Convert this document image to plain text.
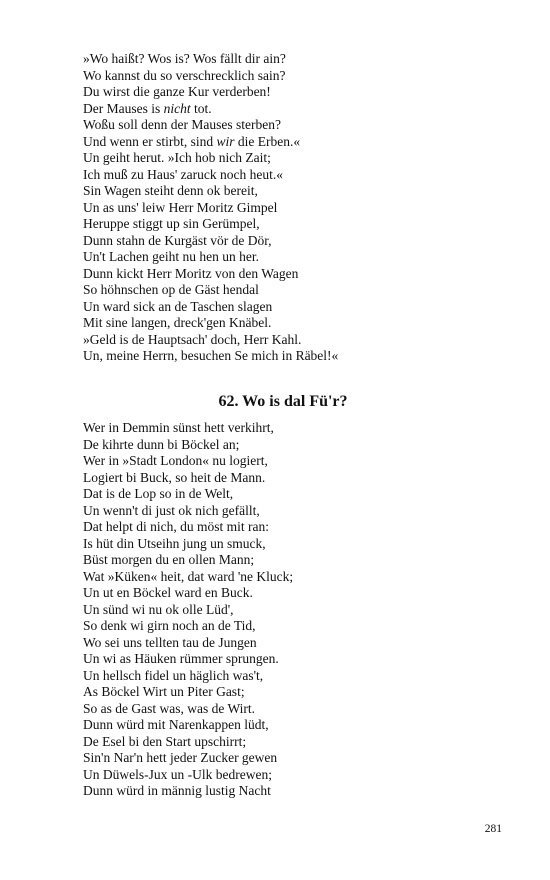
»Wo haißt? Wos is? Wos fällt dir ain?
Wo kannst du so verschrecklich sain?
Du wirst die ganze Kur verderben!
Der Mauses is nicht tot.
Woßu soll denn der Mauses sterben?
Und wenn er stirbt, sind wir die Erben.«
Un geiht herut. »Ich hob nich Zait;
Ich muß zu Haus' zaruck noch heut.«
Sin Wagen steiht denn ok bereit,
Un as uns' leiw Herr Moritz Gimpel
Heruppe stiggt up sin Gerümpel,
Dunn stahn de Kurgäst vör de Dör,
Un't Lachen geiht nu hen un her.
Dunn kickt Herr Moritz von den Wagen
So höhnschen op de Gäst hendal
Un ward sick an de Taschen slagen
Mit sine langen, dreck'gen Knäbel.
»Geld is de Hauptsach' doch, Herr Kahl.
Un, meine Herrn, besuchen Se mich in Räbel!«
62. Wo is dal Fü'r?
Wer in Demmin sünst hett verkihrt,
De kihrte dunn bi Böckel an;
Wer in »Stadt London« nu logiert,
Logiert bi Buck, so heit de Mann.
Dat is de Lop so in de Welt,
Un wenn't di just ok nich gefällt,
Dat helpt di nich, du möst mit ran:
Is hüt din Utseihn jung un smuck,
Büst morgen du en ollen Mann;
Wat »Küken« heit, dat ward 'ne Kluck;
Un ut en Böckel ward en Buck.
Un sünd wi nu ok olle Lüd',
So denk wi girn noch an de Tid,
Wo sei uns tellten tau de Jungen
Un wi as Häuken rümmer sprungen.
Un hellsch fidel un häglich was't,
As Böckel Wirt un Piter Gast;
So as de Gast was, was de Wirt.
Dunn würd mit Narenkappen lüdt,
De Esel bi den Start upschirrt;
Sin'n Nar'n hett jeder Zucker gewen
Un Düwels-Jux un -Ulk bedrewen;
Dunn würd in männig lustig Nacht
281
